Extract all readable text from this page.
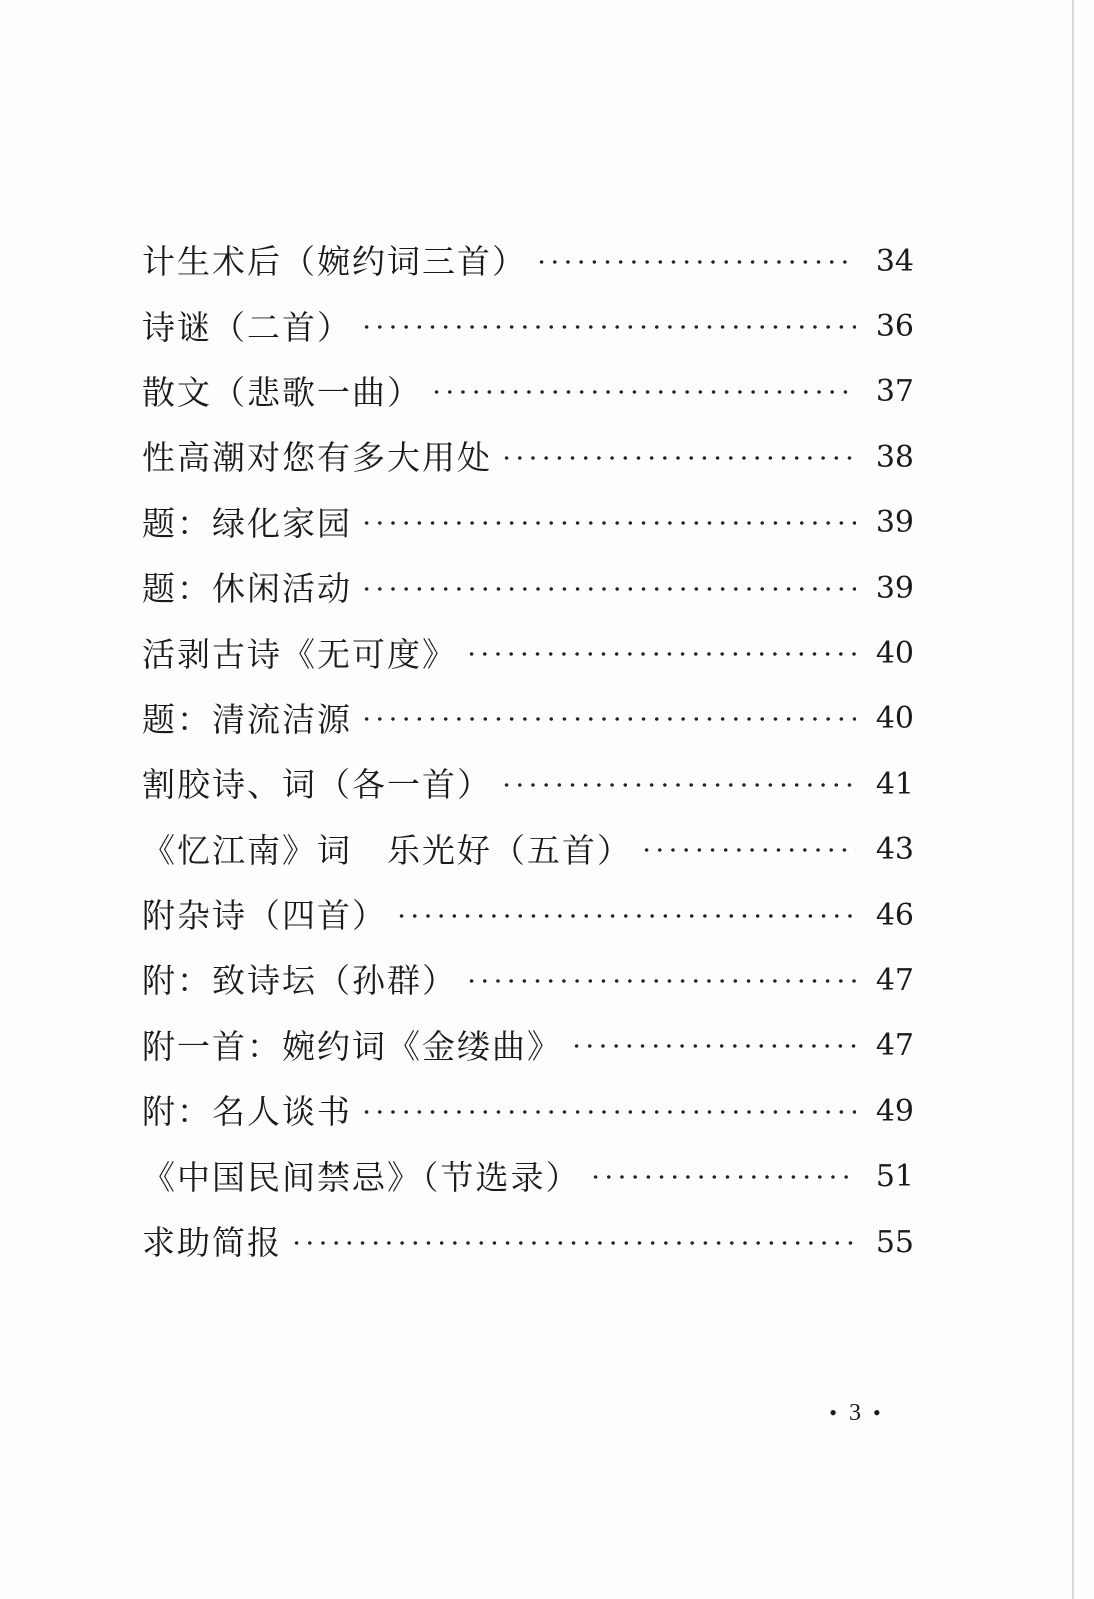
计生术后（婉约词三首）	34
诗谜（二首）	36
散文（悲歌一曲）	37
性高潮对您有多大用处	38
题：绿化家园	39
题：休闲活动	39
活剥古诗《无可度》	40
题：清流洁源	40
割胶诗、词（各一首）	41
《忆江南》词　乐光好（五首）	43
附杂诗（四首）	46
附：致诗坛（孙群）	47
附一首：婉约词《金缕曲》	47
附：名人谈书	49
《中国民间禁忌》（节选录）	51
求助简报	55
• 3 •
